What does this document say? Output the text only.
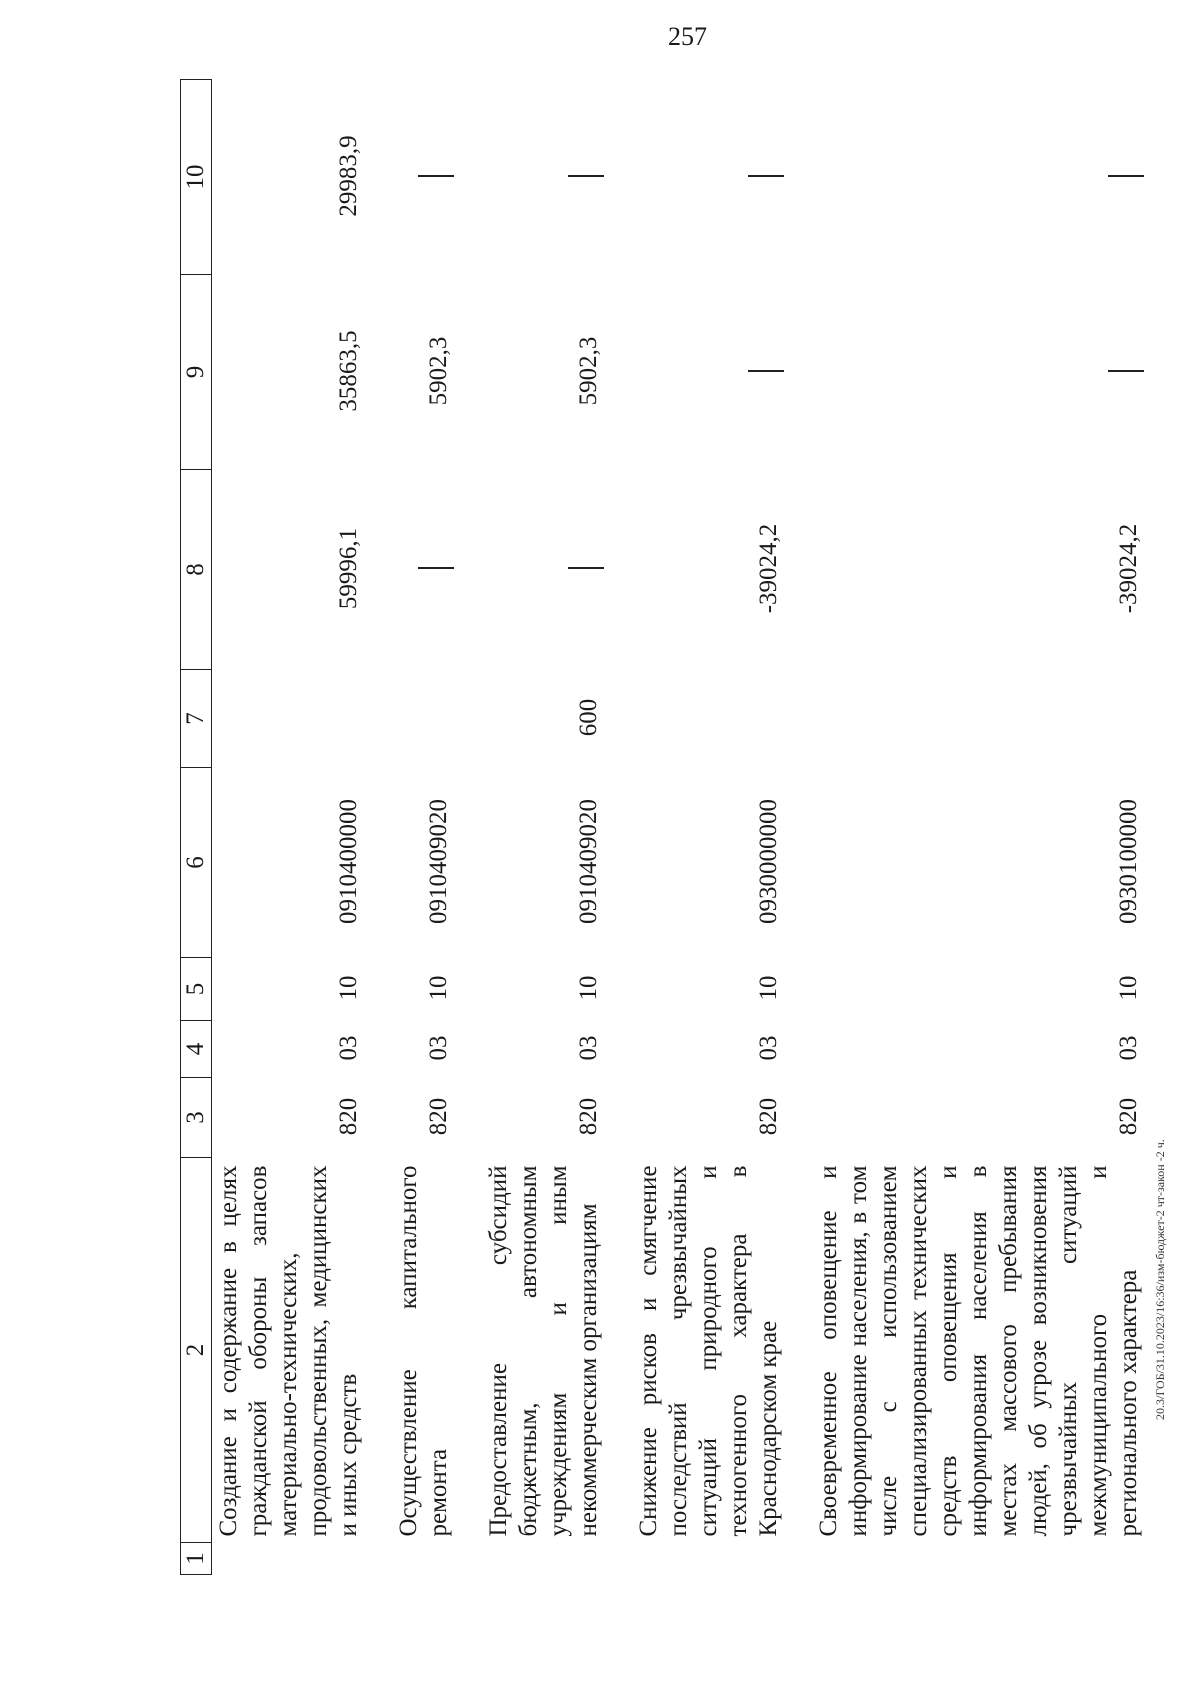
257
1	2	3	4	5	6	7	8	9	10
	Создание и содержание в целях гражданской обороны запасов материально-технических, продовольственных, медицинских и иных средств	820	03	10	0910400000		59996,1	35863,5	29983,9
	Осуществление капитального ремонта	820	03	10	0910409020			5902,3	
	Предоставление субсидий бюджетным, автономным учреждениям и иным некоммерческим организациям	820	03	10	0910409020	600		5902,3	
	Снижение рисков и смягчение последствий чрезвычайных ситуаций природного и техногенного характера в Краснодарском крае	820	03	10	0930000000		-39024,2		
	Своевременное оповещение и информирование населения, в том числе с использованием специализированных технических средств оповещения и информирования населения в местах массового пребывания людей, об угрозе возникновения чрезвычайных ситуаций межмуниципального и регионального характера	820	03	10	0930100000		-39024,2		
20.3/ГОБ/31.10.2023/16:36/изм-бюджет-2 чт-закон -2 ч.
